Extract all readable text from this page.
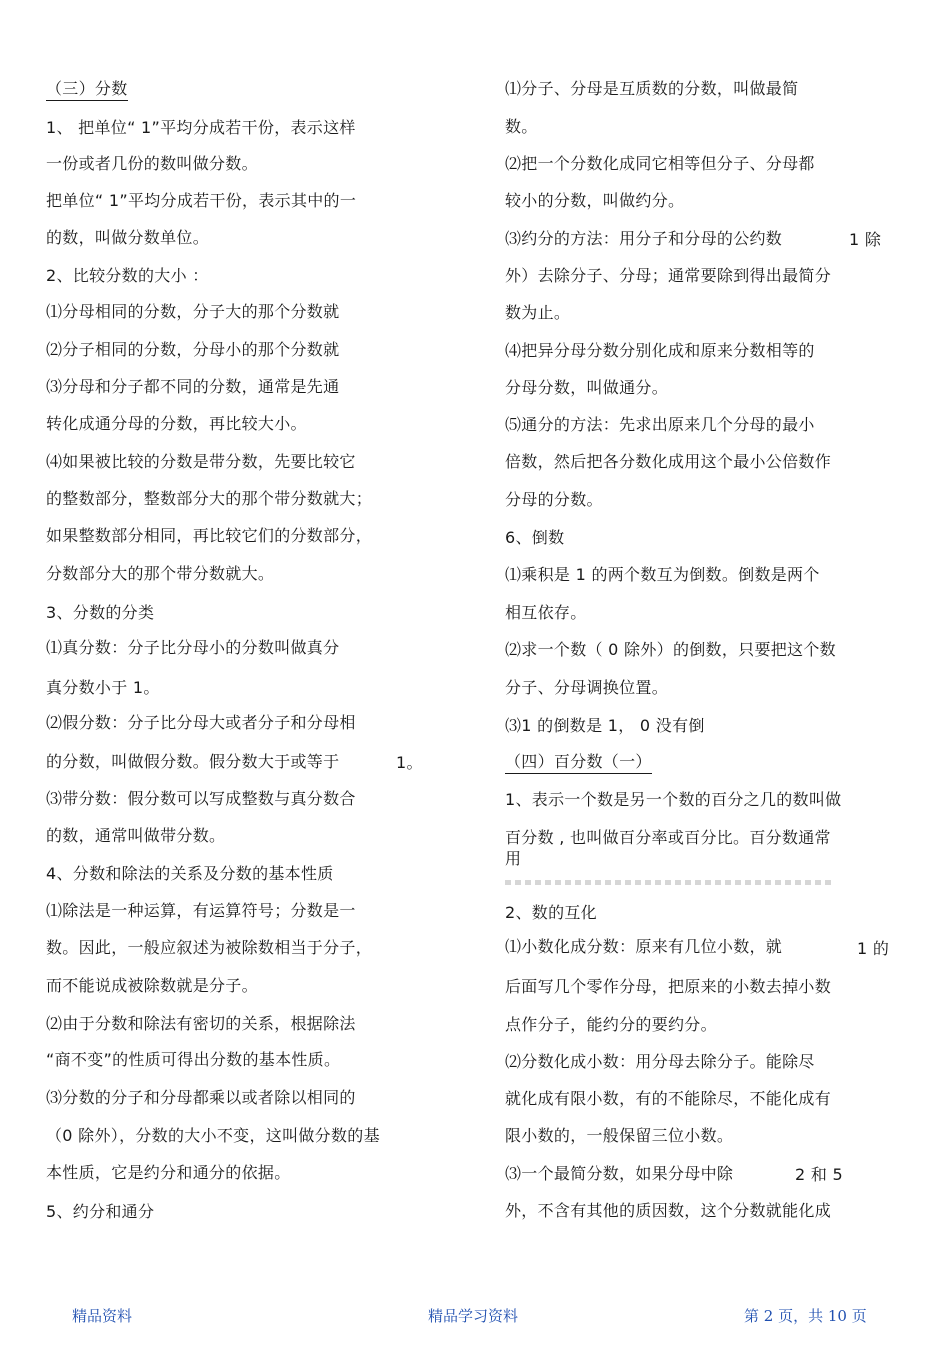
（三）分数
1、 把单位“ 1”平均分成若干份，表示这样
一份或者几份的数叫做分数。
把单位“ 1”平均分成若干份，表示其中的一
的数，叫做分数单位。
2、比较分数的大小 ：
⑴分母相同的分数，分子大的那个分数就
⑵分子相同的分数，分母小的那个分数就
⑶分母和分子都不同的分数，通常是先通
转化成通分母的分数，再比较大小。
⑷如果被比较的分数是带分数，先要比较它
的整数部分，整数部分大的那个带分数就大；
如果整数部分相同，再比较它们的分数部分，
分数部分大的那个带分数就大。
3、分数的分类
⑴真分数：分子比分母小的分数叫做真分
真分数小于 1。
⑵假分数：分子比分母大或者分子和分母相
的分数，叫做假分数。假分数大于或等于	1。
⑶带分数：假分数可以写成整数与真分数合
的数，通常叫做带分数。
4、分数和除法的关系及分数的基本性质
⑴除法是一种运算，有运算符号；分数是一
数。因此，一般应叙述为被除数相当于分子，
而不能说成被除数就是分子。
⑵由于分数和除法有密切的关系，根据除法
“商不变”的性质可得出分数的基本性质。
⑶分数的分子和分母都乘以或者除以相同的
（0 除外），分数的大小不变，这叫做分数的基
本性质，它是约分和通分的依据。
5、约分和通分
⑴分子、分母是互质数的分数，叫做最简
数。
⑵把一个分数化成同它相等但分子、分母都
较小的分数，叫做约分。
⑶约分的方法：用分子和分母的公约数	1 除
外）去除分子、分母；通常要除到得出最简分
数为止。
⑷把异分母分数分别化成和原来分数相等的
分母分数，叫做通分。
⑸通分的方法：先求出原来几个分母的最小
倍数，然后把各分数化成用这个最小公倍数作
分母的分数。
6、倒数
⑴乘积是 1 的两个数互为倒数。倒数是两个
相互依存。
⑵求一个数（ 0 除外）的倒数，只要把这个数
分子、分母调换位置。
⑶1 的倒数是 1， 0 没有倒
（四）百分数（一）
1、表示一个数是另一个数的百分之几的数叫做
百分数 , 也叫做百分率或百分比。百分数通常
用
2、数的互化
⑴小数化成分数：原来有几位小数，就	1 的
后面写几个零作分母，把原来的小数去掉小数
点作分子，能约分的要约分。
⑵分数化成小数：用分母去除分子。能除尽
就化成有限小数，有的不能除尽，不能化成有
限小数的，一般保留三位小数。
⑶一个最简分数，如果分母中除	2 和 5
外，不含有其他的质因数，这个分数就能化成
精品资料	精品学习资料	第 2 页，共 10 页
